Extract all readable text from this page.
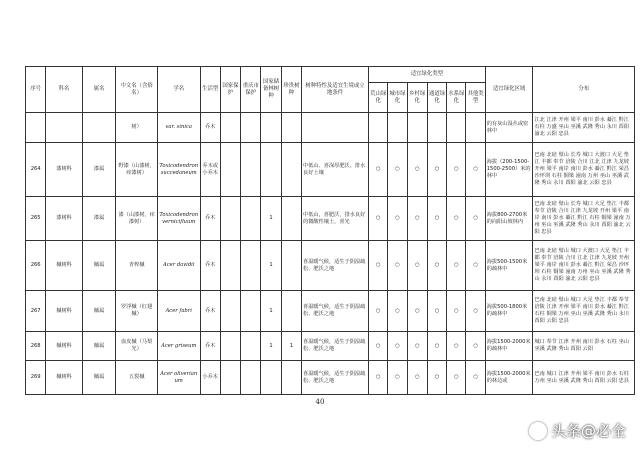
序号	科名	属名	中文名（含俗名）	学名	生活型	国家保护	重庆市保护	国家储备林树种	珍贵树种	树种特性及适宜生境或立地条件	适宜绿化类型						适宜绿化区域	分布
											荒山绿化	城市绿化	乡村绿化	通道绿化	水系绿化	其他类型		
			树）	var. sinica	乔木												的有灰山湿丛或密林中	江北 江津 开州 梁平 南川 彭水 綦江 黔江 石柱 万盛 巫山 巫溪 武隆 秀山 永川 酉阳 渝北 云阳 忠县
264	漆树科	漆属	野漆（山漆树，痒漆树）	Toxicodendron succedaneum	乔木或小乔木					中低山、喜深厚肥沃、排水良好土壤	○	○	○	○	○	○	海拔（200-1500-1500-2500）米的林中	巴南 北碚 璧山 长寿 城口 大渡口 大足 垫江 丰都 奉节 涪陵 合川 江北 江津 九龙坡 开州 梁平 南岸 南川 彭水 綦江 黔江 荣昌 沙坪坝 石柱 铜梁 潼南 万州 巫山 巫溪 武隆 秀山 永川 酉阳 渝北 云阳 忠县
265	漆树科	漆属	漆（山漆树，痒漆树）	Toxicodendron vernicifluum	乔木			1		中低山，喜肥沃，排水良好的微酸性壤土，喜光	○	○	○	○	○	○	海拔800-2700米的向阳山坡林内	巴南 北碚 璧山 长寿 城口 大足 垫江 丰都 奉节 涪陵 合川 江津 九龙坡 开州 梁平 南岸 南川 彭水 綦江 黔江 石柱 铜梁 潼南 万州 巫山 巫溪 武隆 秀山 永川 酉阳 渝北 云阳 忠县
266	槭树科	槭属	青榨槭	Acer davidii	乔木			1		喜温暖气候，适生于阴湿疏松、肥沃之地	○	○	○	○	○	○	海拔500-1500米的疏林中	巴南 北碚 璧山 城口 大渡口 大足 垫江 丰都 奉节 涪陵 合川 江北 江津 九龙坡 开州 梁平 南岸 南川 彭水 綦江 黔江 荣昌 沙坪坝 石柱 铜梁 潼南 万州 巫山 巫溪 武隆 秀山 永川 酉阳 渝北 云阳 忠县
267	槭树科	槭属	罗浮槭（红翅槭）	Acer fabri	乔木			1		喜温暖气候，适生于阴湿疏松、肥沃之地	○	○	○	○	○	○	海拔500-1800米的疏林中	巴南 北碚 璧山 城口 大足 垫江 丰都 奉节 涪陵 江津 开州 梁平 南川 彭水 綦江 黔江 石柱 铜梁 万州 巫山 巫溪 武隆 秀山 永川 酉阳 云阳 忠县
268	槭树科	槭属	血皮槭（马梨光）	Acer griseum	乔木			1	1	喜温暖气候，适生于阴湿疏松、肥沃之地	○	○	○	○	○	○	海拔1500-2000米的疏林中	城口 奉节 江津 开州 南川 彭水 石柱 巫山 巫溪 武隆 秀山 酉阳 云阳
269	槭树科	槭属	五裂槭	Acer oliverianum	小乔木					喜温暖气候，适生于阴湿疏松、肥沃之地	○	○	○	○	○	○	海拔1500-2000米的林边或	巴南 城口 江津 开州 梁平 南川 彭水 石柱 万州 巫山 巫溪 武隆 秀山 酉阳 云阳 忠县
40
头条@必全
